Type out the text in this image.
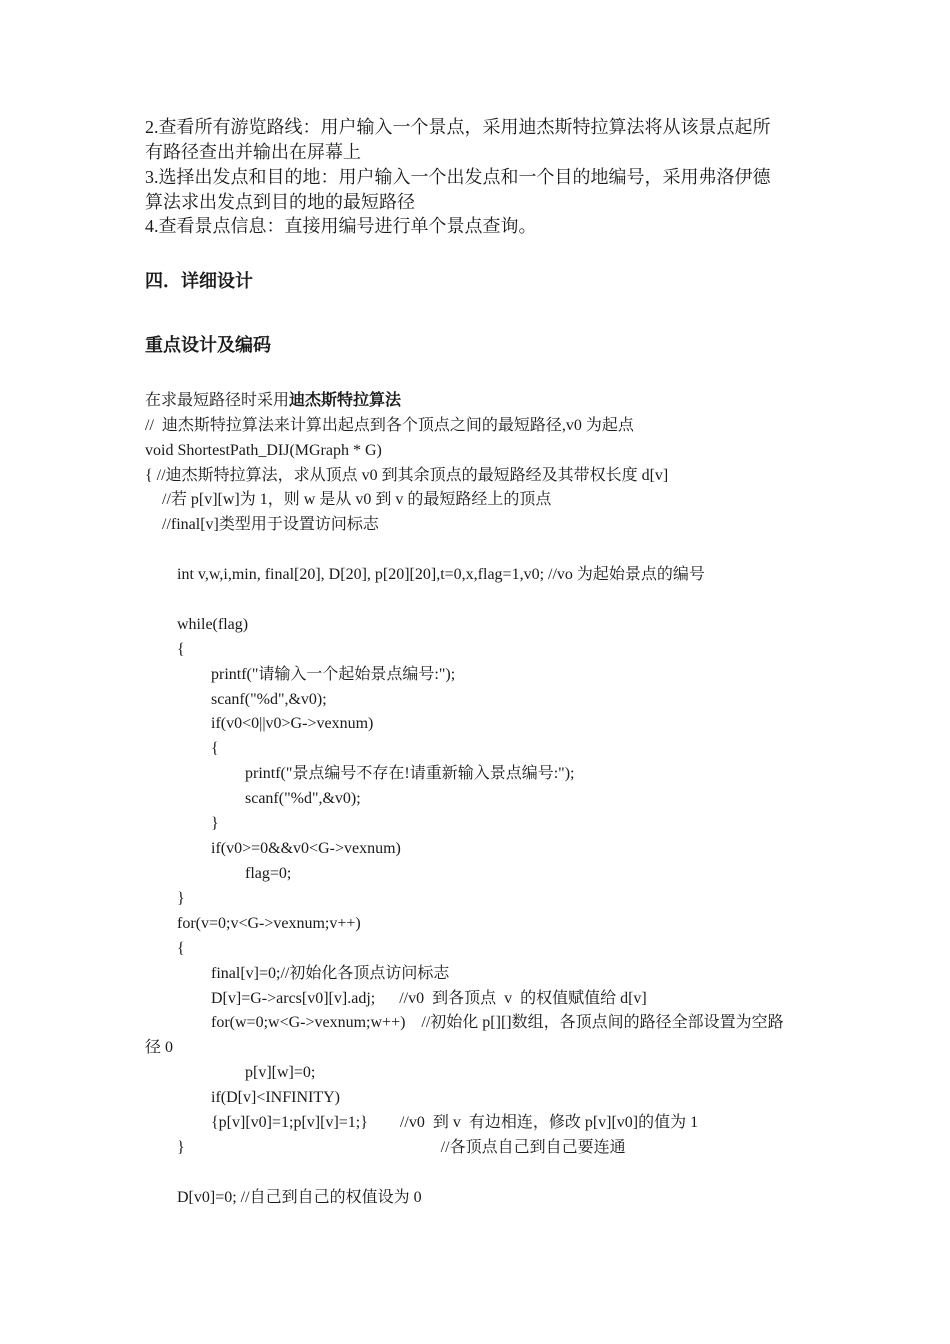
2.查看所有游览路线：用户输入一个景点，采用迪杰斯特拉算法将从该景点起所
有路径查出并输出在屏幕上
3.选择出发点和目的地：用户输入一个出发点和一个目的地编号，采用弗洛伊德
算法求出发点到目的地的最短路径
4.查看景点信息：直接用编号进行单个景点查询。
四．详细设计
重点设计及编码
在求最短路径时采用迪杰斯特拉算法
//  迪杰斯特拉算法来计算出起点到各个顶点之间的最短路径,v0 为起点
void ShortestPath_DIJ(MGraph * G)
{ //迪杰斯特拉算法，求从顶点 v0 到其余顶点的最短路经及其带权长度 d[v]
//若 p[v][w]为 1，则 w 是从 v0 到 v 的最短路经上的顶点
//final[v]类型用于设置访问标志
int v,w,i,min, final[20], D[20], p[20][20],t=0,x,flag=1,v0; //vo 为起始景点的编号
while(flag)
{
printf("请输入一个起始景点编号:");
scanf("%d",&v0);
if(v0<0||v0>G->vexnum)
{
printf("景点编号不存在!请重新输入景点编号:");
scanf("%d",&v0);
}
if(v0>=0&&v0<G->vexnum)
flag=0;
}
for(v=0;v<G->vexnum;v++)
{
final[v]=0;//初始化各顶点访问标志
D[v]=G->arcs[v0][v].adj;      //v0  到各顶点  v  的权值赋值给 d[v]
for(w=0;w<G->vexnum;w++)    //初始化 p[][]数组，各顶点间的路径全部设置为空路
径 0
p[v][w]=0;
if(D[v]<INFINITY)
{p[v][v0]=1;p[v][v]=1;}        //v0  到 v  有边相连，修改 p[v][v0]的值为 1
}                                                                //各顶点自己到自己要连通
D[v0]=0; //自己到自己的权值设为 0
